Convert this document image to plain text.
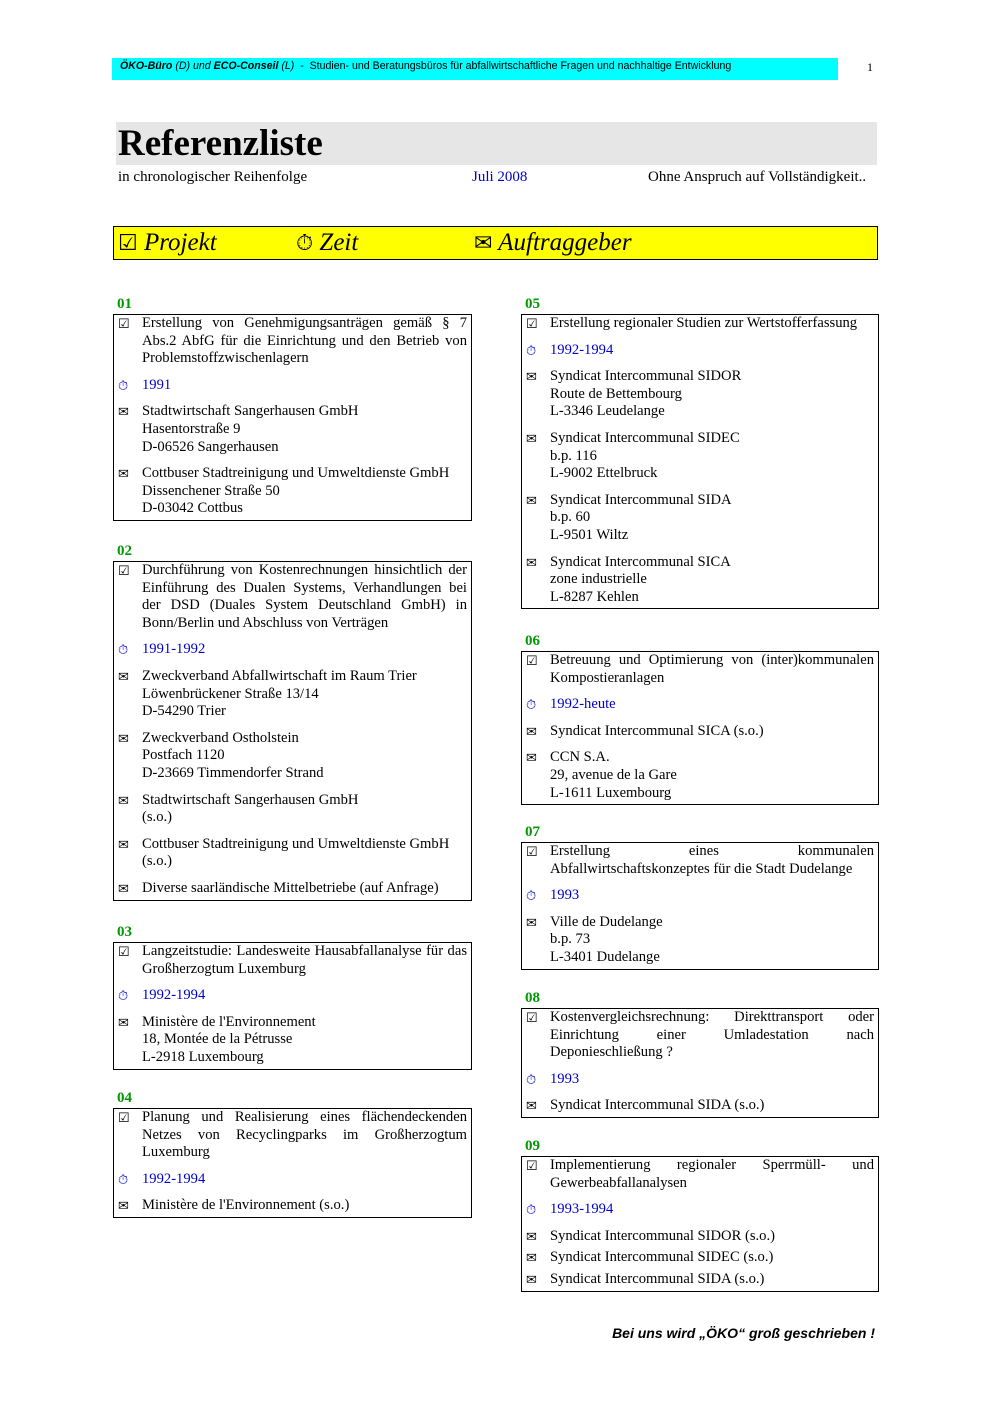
ÖKO-Büro (D) und ECO-Conseil (L) - Studien- und Beratungsbüros für abfallwirtschaftliche Fragen und nachhaltige Entwicklung	1
Referenzliste
in chronologischer Reihenfolge	Juli 2008	Ohne Anspruch auf Vollständigkeit..
☑ Projekt	⏱ Zeit	✉ Auftraggeber
01
☑ Erstellung von Genehmigungsanträgen gemäß § 7 Abs.2 AbfG für die Einrichtung und den Betrieb von Problemstoffzwischenlagern
⏱ 1991
✉ Stadtwirtschaft Sangerhausen GmbH
Hasentorstraße 9
D-06526 Sangerhausen
✉ Cottbuser Stadtreinigung und Umweltdienste GmbH
Dissenchener Straße 50
D-03042 Cottbus
02
☑ Durchführung von Kostenrechnungen hinsichtlich der Einführung des Dualen Systems, Verhandlungen bei der DSD (Duales System Deutschland GmbH) in Bonn/Berlin und Abschluss von Verträgen
⏱ 1991-1992
✉ Zweckverband Abfallwirtschaft im Raum Trier
Löwenbrückener Straße 13/14
D-54290 Trier
✉ Zweckverband Ostholstein
Postfach 1120
D-23669 Timmendorfer Strand
✉ Stadtwirtschaft Sangerhausen GmbH
(s.o.)
✉ Cottbuser Stadtreinigung und Umweltdienste GmbH
(s.o.)
✉ Diverse saarländische Mittelbetriebe (auf Anfrage)
03
☑ Langzeitstudie: Landesweite Hausabfallanalyse für das Großherzogtum Luxemburg
⏱ 1992-1994
✉ Ministère de l'Environnement
18, Montée de la Pétrusse
L-2918 Luxembourg
04
☑ Planung und Realisierung eines flächendeckenden Netzes von Recyclingparks im Großherzogtum Luxemburg
⏱ 1992-1994
✉ Ministère de l'Environnement (s.o.)
05
☑ Erstellung regionaler Studien zur Wertstofferfassung
⏱ 1992-1994
✉ Syndicat Intercommunal SIDOR
Route de Bettembourg
L-3346 Leudelange
✉ Syndicat Intercommunal SIDEC
b.p. 116
L-9002 Ettelbruck
✉ Syndicat Intercommunal SIDA
b.p. 60
L-9501 Wiltz
✉ Syndicat Intercommunal SICA
zone industrielle
L-8287 Kehlen
06
☑ Betreuung und Optimierung von (inter)kommunalen Kompostieranlagen
⏱ 1992-heute
✉ Syndicat Intercommunal SICA (s.o.)
✉ CCN S.A.
29, avenue de la Gare
L-1611 Luxembourg
07
☑ Erstellung eines kommunalen Abfallwirtschaftskonzeptes für die Stadt Dudelange
⏱ 1993
✉ Ville de Dudelange
b.p. 73
L-3401 Dudelange
08
☑ Kostenvergleichsrechnung: Direkttransport oder Einrichtung einer Umladestation nach Deponieschließung ?
⏱ 1993
✉ Syndicat Intercommunal SIDA (s.o.)
09
☑ Implementierung regionaler Sperrmüll- und Gewerbeabfallanalysen
⏱ 1993-1994
✉ Syndicat Intercommunal SIDOR (s.o.)
✉ Syndicat Intercommunal SIDEC (s.o.)
✉ Syndicat Intercommunal SIDA (s.o.)
Bei uns wird „ÖKO“ groß geschrieben !
